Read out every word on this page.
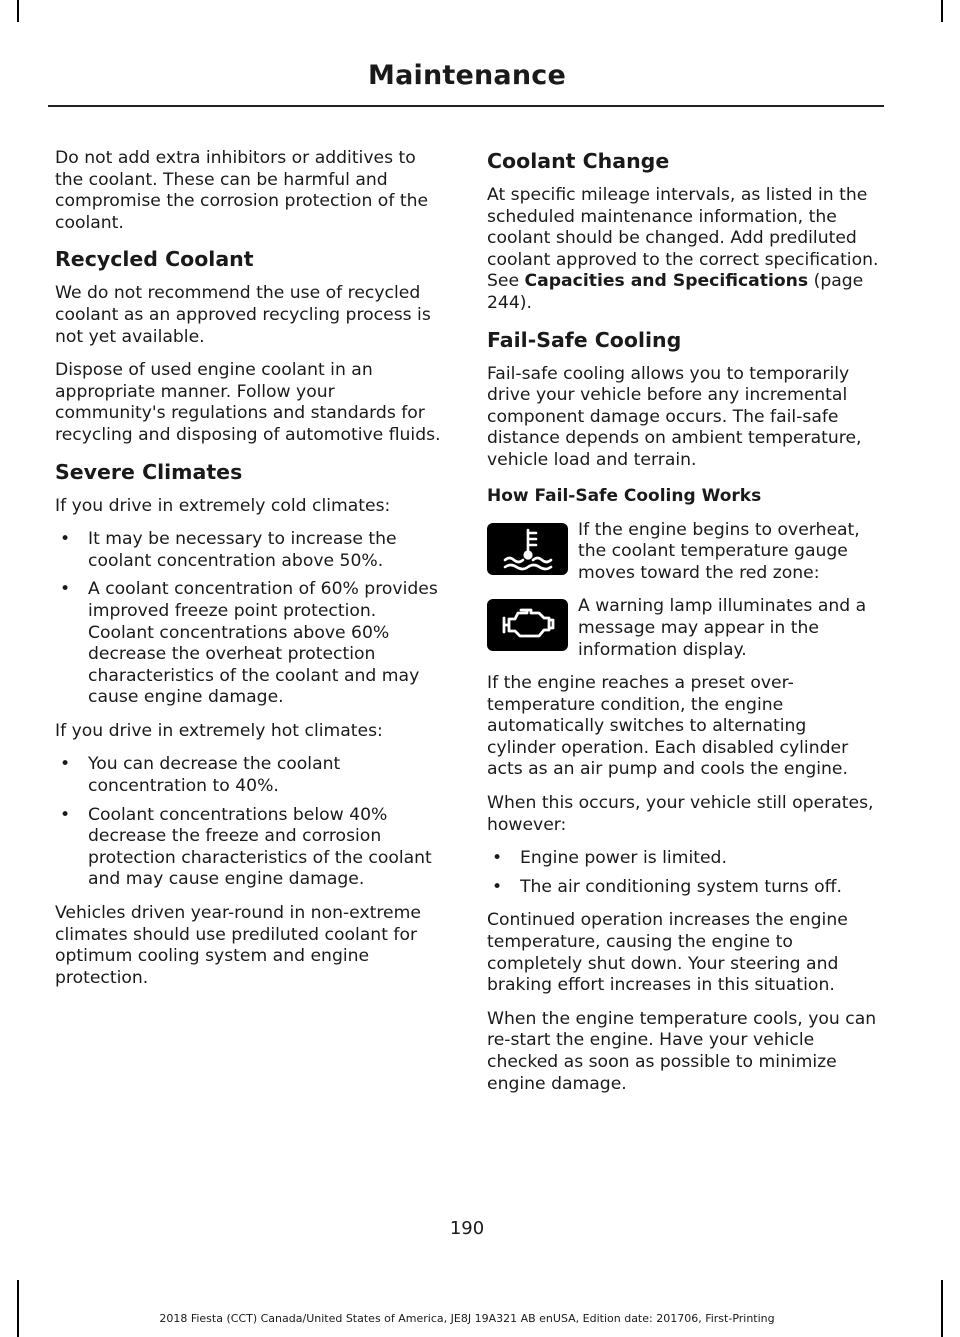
Maintenance

Do not add extra inhibitors or additives to the coolant. These can be harmful and compromise the corrosion protection of the coolant.

Recycled Coolant

We do not recommend the use of recycled coolant as an approved recycling process is not yet available.

Dispose of used engine coolant in an appropriate manner. Follow your community's regulations and standards for recycling and disposing of automotive fluids.

Severe Climates

If you drive in extremely cold climates:

• It may be necessary to increase the coolant concentration above 50%.
• A coolant concentration of 60% provides improved freeze point protection. Coolant concentrations above 60% decrease the overheat protection characteristics of the coolant and may cause engine damage.

If you drive in extremely hot climates:

• You can decrease the coolant concentration to 40%.
• Coolant concentrations below 40% decrease the freeze and corrosion protection characteristics of the coolant and may cause engine damage.

Vehicles driven year-round in non-extreme climates should use prediluted coolant for optimum cooling system and engine protection.

Coolant Change

At specific mileage intervals, as listed in the scheduled maintenance information, the coolant should be changed. Add prediluted coolant approved to the correct specification. See Capacities and Specifications (page 244).

Fail-Safe Cooling

Fail-safe cooling allows you to temporarily drive your vehicle before any incremental component damage occurs. The fail-safe distance depends on ambient temperature, vehicle load and terrain.

How Fail-Safe Cooling Works

If the engine begins to overheat, the coolant temperature gauge moves toward the red zone:

A warning lamp illuminates and a message may appear in the information display.

If the engine reaches a preset over-temperature condition, the engine automatically switches to alternating cylinder operation. Each disabled cylinder acts as an air pump and cools the engine.

When this occurs, your vehicle still operates, however:

• Engine power is limited.
• The air conditioning system turns off.

Continued operation increases the engine temperature, causing the engine to completely shut down. Your steering and braking effort increases in this situation.

When the engine temperature cools, you can re-start the engine. Have your vehicle checked as soon as possible to minimize engine damage.

190
2018 Fiesta (CCT) Canada/United States of America, JE8J 19A321 AB enUSA, Edition date: 201706, First-Printing
